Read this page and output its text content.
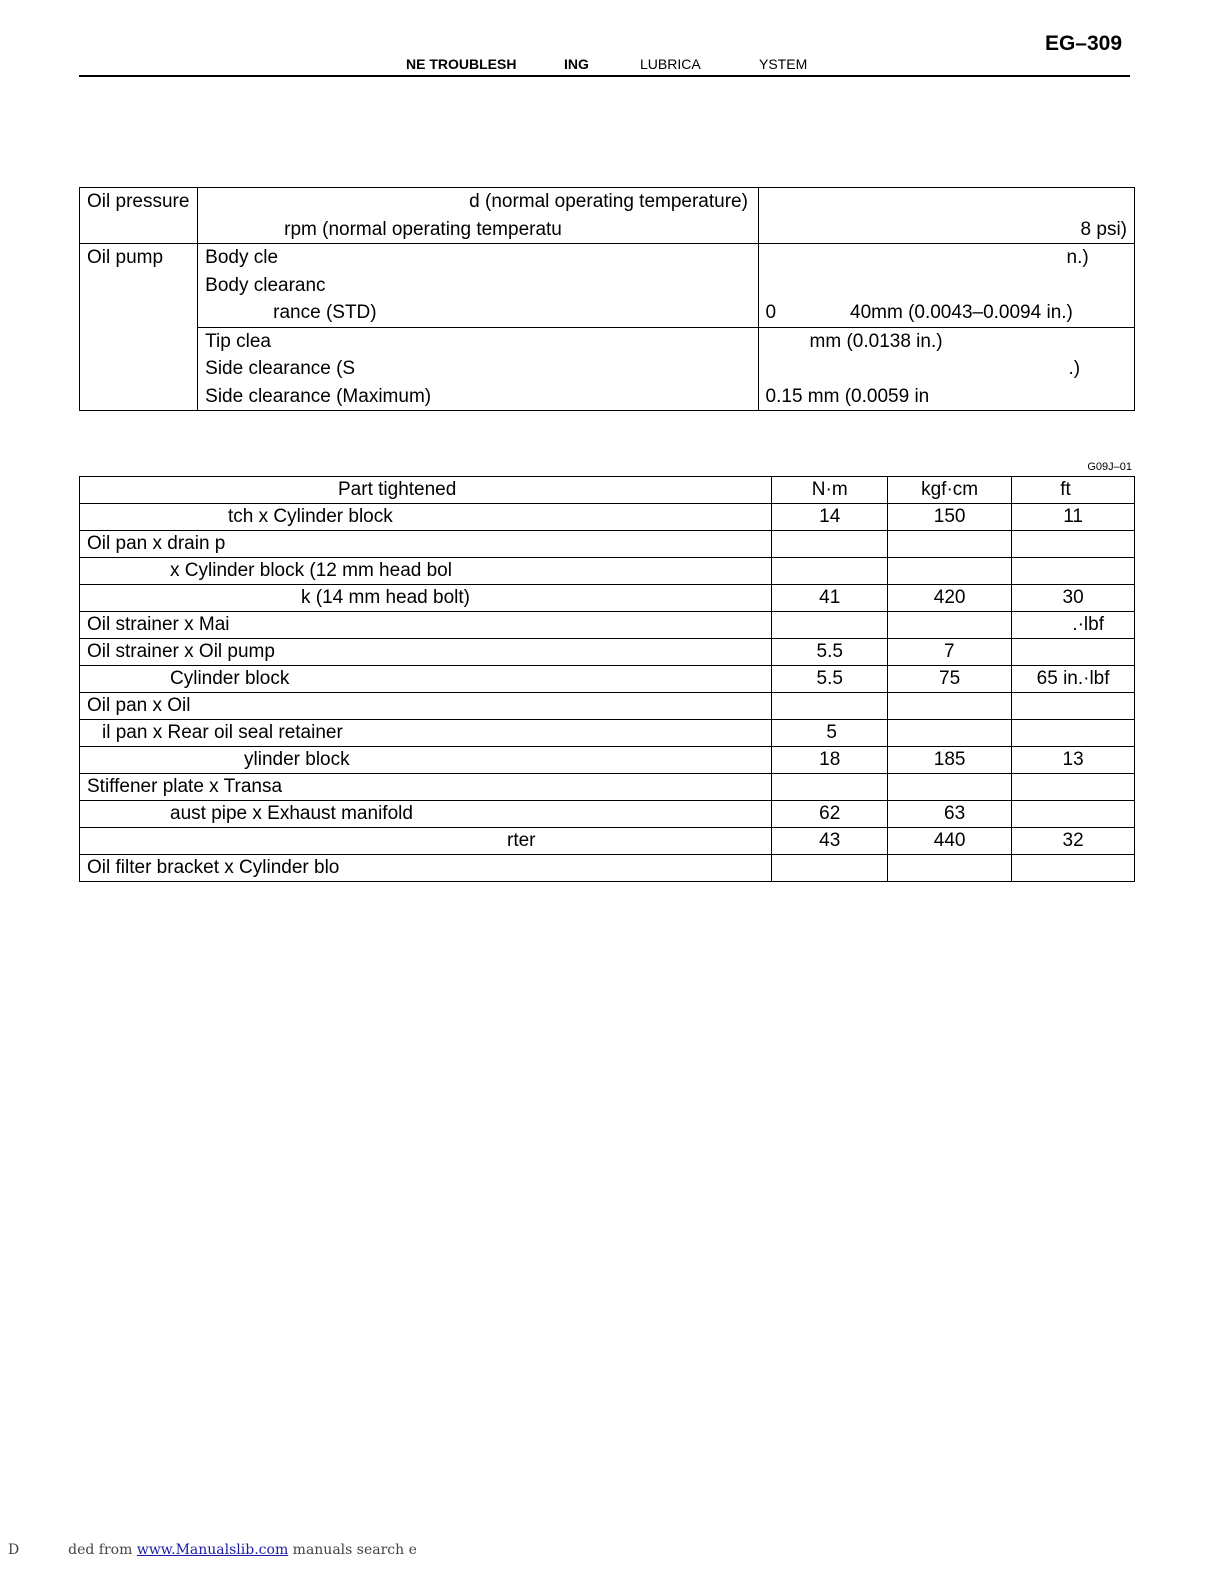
EG–309
NE TROUBLESH	ING	LUBRICA	YSTEM
Oil pressure	d (normal operating temperature)	
	rpm (normal operating temperatu	8 psi)
Oil pump	Body cle	n.)
	Body clearanc	
	rance (STD)	0              40mm (0.0043–0.0094 in.)
	Tip clea	mm (0.0138 in.)
	Side clearance (S	.)
	Side clearance (Maximum)	0.15 mm (0.0059 in
G09J–01
Part tightened	N·m	kgf·cm	ft
tch x Cylinder block	14	150	11
Oil pan x drain p			
x Cylinder block (12 mm head bol			
k (14 mm head bolt)	41	420	30
Oil strainer x Mai			.·lbf
Oil strainer x Oil pump	5.5	7	
Cylinder block	5.5	75	65 in.·lbf
Oil pan x Oil			
il pan x Rear oil seal retainer	5		
ylinder block	18	185	13
Stiffener plate x Transa			
aust pipe x Exhaust manifold	62	63	
rter	43	440	32
Oil filter bracket x Cylinder blo			
D	ded from www.Manualslib.com manuals search e
